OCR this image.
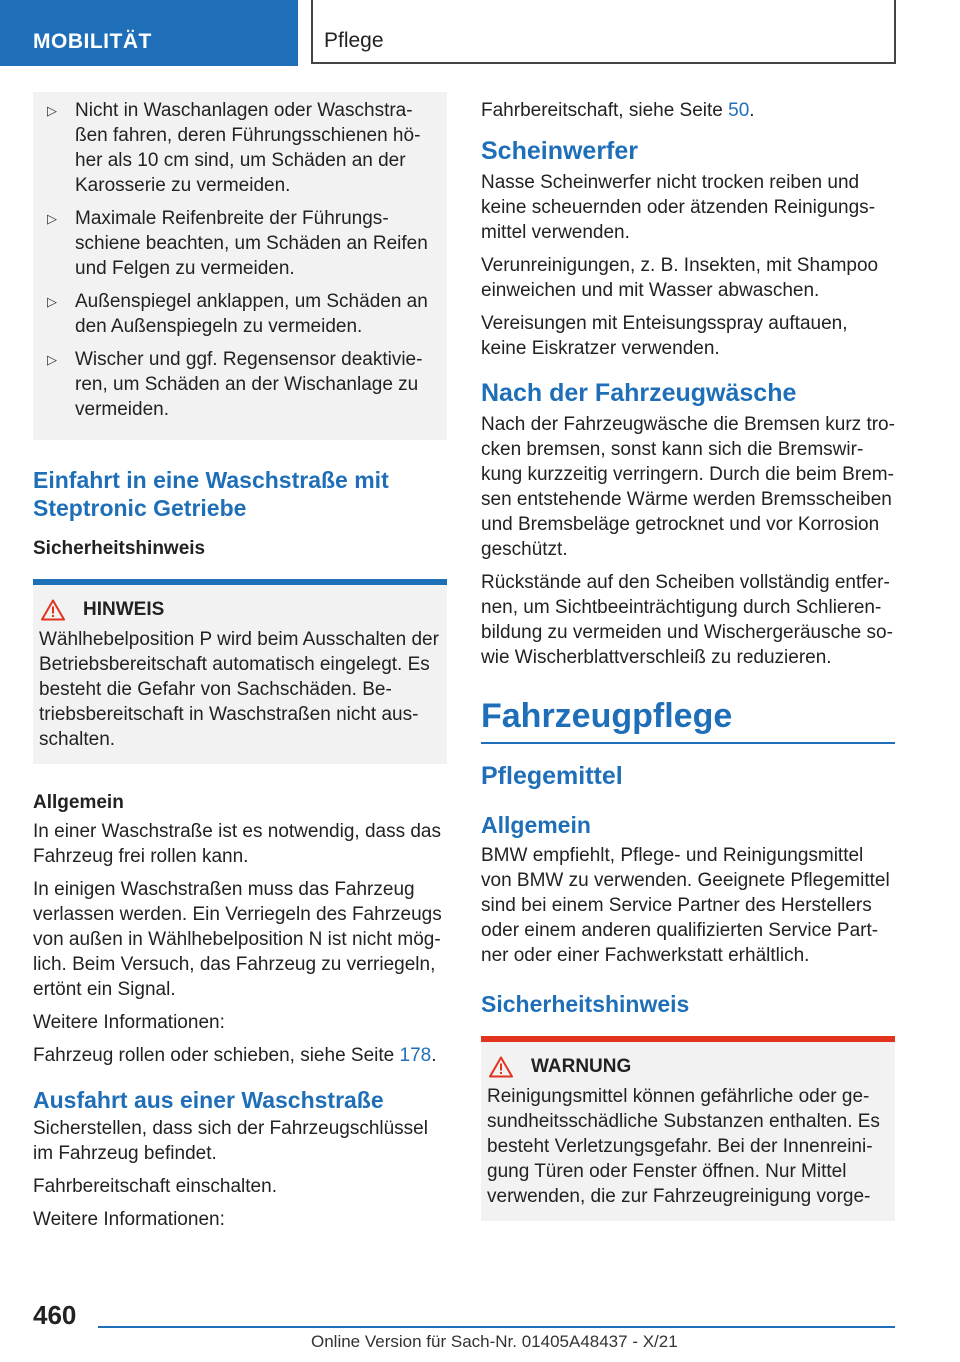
MOBILITÄT	Pflege
▷ Nicht in Waschanlagen oder Waschstraßen fahren, deren Führungsschienen höher als 10 cm sind, um Schäden an der Karosserie zu vermeiden.
▷ Maximale Reifenbreite der Führungsschiene beachten, um Schäden an Reifen und Felgen zu vermeiden.
▷ Außenspiegel anklappen, um Schäden an den Außenspiegeln zu vermeiden.
▷ Wischer und ggf. Regensensor deaktivieren, um Schäden an der Wischanlage zu vermeiden.
Einfahrt in eine Waschstraße mit Steptronic Getriebe
Sicherheitshinweis
HINWEIS

Wählhebelposition P wird beim Ausschalten der Betriebsbereitschaft automatisch eingelegt. Es besteht die Gefahr von Sachschäden. Betriebsbereitschaft in Waschstraßen nicht ausschalten.

Allgemein

In einer Waschstraße ist es notwendig, dass das Fahrzeug frei rollen kann.

In einigen Waschstraßen muss das Fahrzeug verlassen werden. Ein Verriegeln des Fahrzeugs von außen in Wählhebelposition N ist nicht möglich. Beim Versuch, das Fahrzeug zu verriegeln, ertönt ein Signal.

Weitere Informationen:

Fahrzeug rollen oder schieben, siehe Seite 178.

Ausfahrt aus einer Waschstraße

Sicherstellen, dass sich der Fahrzeugschlüssel im Fahrzeug befindet.

Fahrbereitschaft einschalten.

Weitere Informationen:

Fahrbereitschaft, siehe Seite 50.

Scheinwerfer

Nasse Scheinwerfer nicht trocken reiben und keine scheuernden oder ätzenden Reinigungsmittel verwenden.

Verunreinigungen, z. B. Insekten, mit Shampoo einweichen und mit Wasser abwaschen.

Vereisungen mit Enteisungsspray auftauen, keine Eiskratzer verwenden.

Nach der Fahrzeugwäsche

Nach der Fahrzeugwäsche die Bremsen kurz trocken bremsen, sonst kann sich die Bremswirkung kurzzeitig verringern. Durch die beim Bremsen entstehende Wärme werden Bremsscheiben und Bremsbeläge getrocknet und vor Korrosion geschützt.

Rückstände auf den Scheiben vollständig entfernen, um Sichtbeeinträchtigung durch Schlierenbildung zu vermeiden und Wischergeräusche sowie Wischerblattverschleiß zu reduzieren.

Fahrzeugpflege
Pflegemittel
Allgemein

BMW empfiehlt, Pflege- und Reinigungsmittel von BMW zu verwenden. Geeignete Pflegemittel sind bei einem Service Partner des Herstellers oder einem anderen qualifizierten Service Partner oder einer Fachwerkstatt erhältlich.

Sicherheitshinweis
WARNUNG

Reinigungsmittel können gefährliche oder gesundheitsschädliche Substanzen enthalten. Es besteht Verletzungsgefahr. Bei der Innenreinigung Türen oder Fenster öffnen. Nur Mittel verwenden, die zur Fahrzeugreinigung vorge-

460
Online Version für Sach-Nr. 01405A48437 - X/21
